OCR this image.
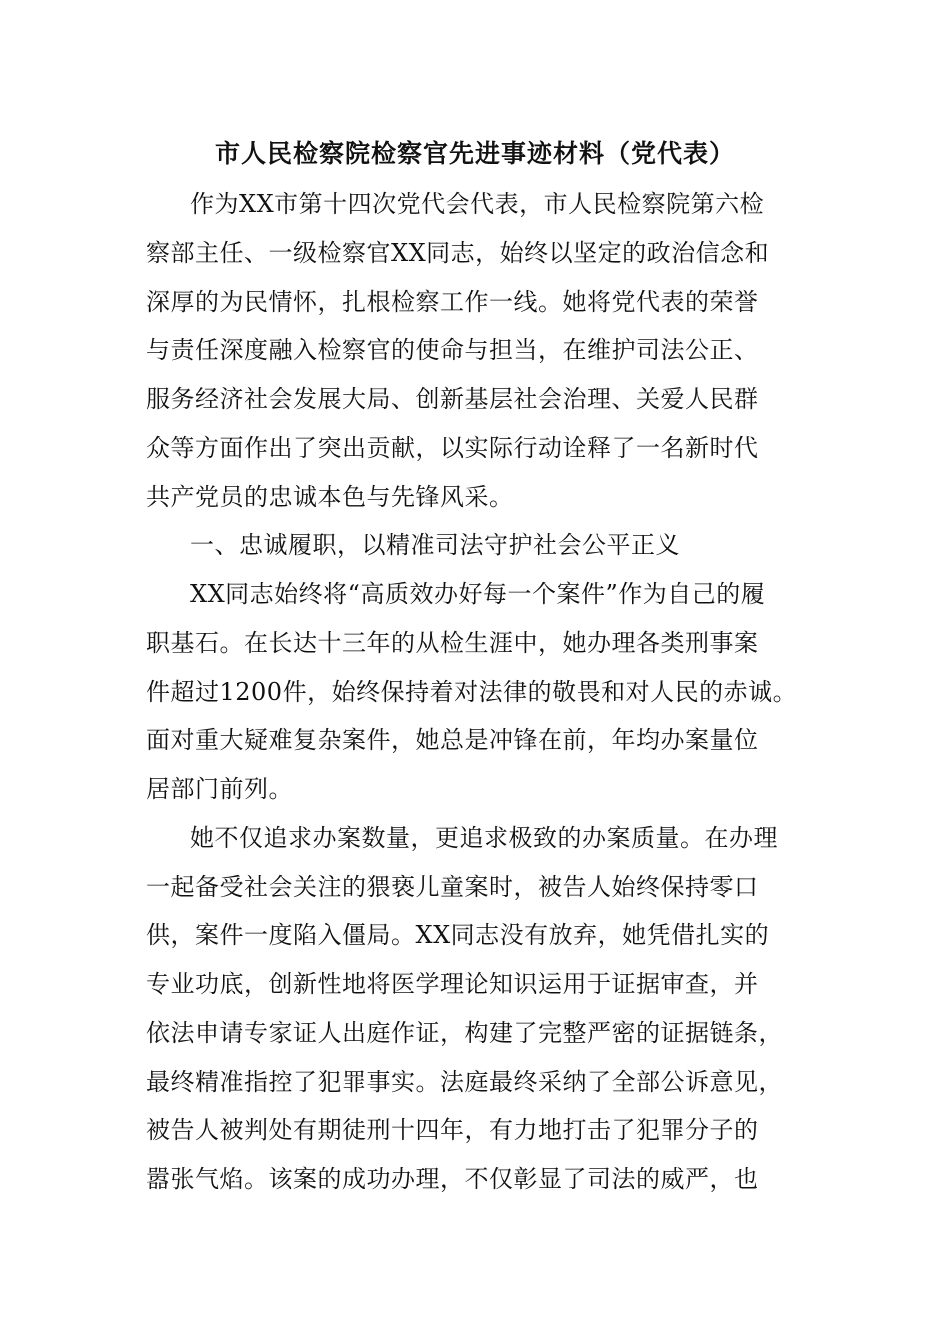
市人民检察院检察官先进事迹材料（党代表）
作为XX市第十四次党代会代表，市人民检察院第六检
察部主任、一级检察官XX同志，始终以坚定的政治信念和
深厚的为民情怀，扎根检察工作一线。她将党代表的荣誉
与责任深度融入检察官的使命与担当，在维护司法公正、
服务经济社会发展大局、创新基层社会治理、关爱人民群
众等方面作出了突出贡献，以实际行动诠释了一名新时代
共产党员的忠诚本色与先锋风采。
一、忠诚履职，以精准司法守护社会公平正义
XX同志始终将“高质效办好每一个案件”作为自己的履
职基石。在长达十三年的从检生涯中，她办理各类刑事案
件超过1200件，始终保持着对法律的敬畏和对人民的赤诚。
面对重大疑难复杂案件，她总是冲锋在前，年均办案量位
居部门前列。
她不仅追求办案数量，更追求极致的办案质量。在办理
一起备受社会关注的猥亵儿童案时，被告人始终保持零口
供，案件一度陷入僵局。XX同志没有放弃，她凭借扎实的
专业功底，创新性地将医学理论知识运用于证据审查，并
依法申请专家证人出庭作证，构建了完整严密的证据链条，
最终精准指控了犯罪事实。法庭最终采纳了全部公诉意见，
被告人被判处有期徒刑十四年，有力地打击了犯罪分子的
嚣张气焰。该案的成功办理，不仅彰显了司法的威严，也
